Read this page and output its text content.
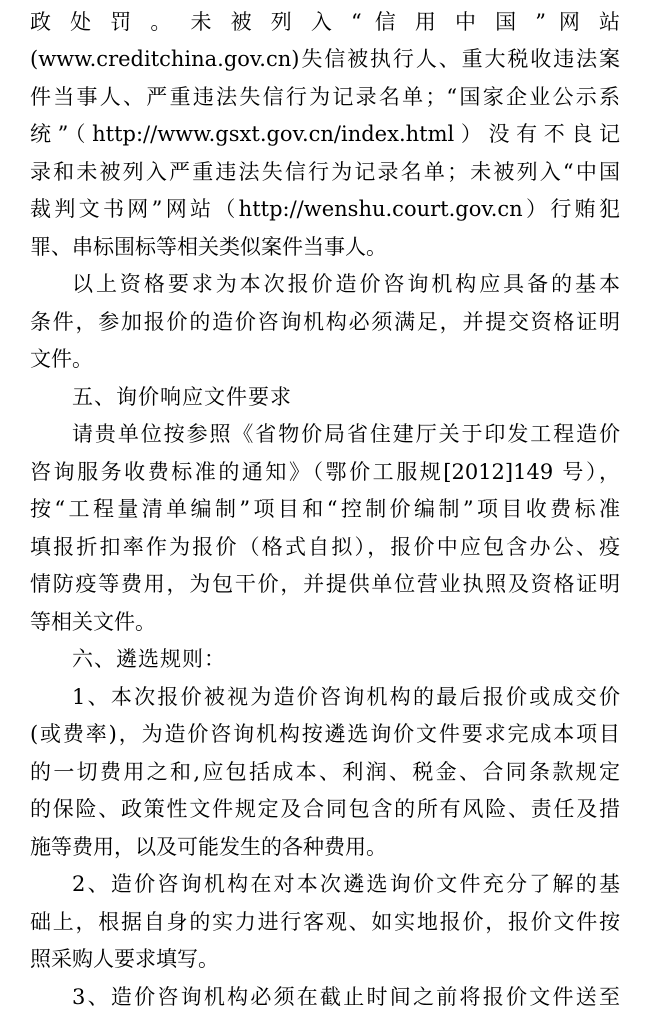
政 处 罚 。 未 被 列 入 “ 信 用 中 国 ” 网 站
(www.creditchina.gov.cn)失信被执行人、重大税收违法案
件当事人、严重违法失信行为记录名单；“国家企业公示系
统”（http://www.gsxt.gov.cn/index.html）没有不良记
录和未被列入严重违法失信行为记录名单；未被列入“中国
裁判文书网”网站（http://wenshu.court.gov.cn）行贿犯
罪、串标围标等相关类似案件当事人。
以上资格要求为本次报价造价咨询机构应具备的基本
条件，参加报价的造价咨询机构必须满足，并提交资格证明
文件。
五、询价响应文件要求
请贵单位按参照《省物价局省住建厅关于印发工程造价
咨询服务收费标准的通知》（鄂价工服规[2012]149 号），
按“工程量清单编制”项目和“控制价编制”项目收费标准
填报折扣率作为报价（格式自拟），报价中应包含办公、疫
情防疫等费用，为包干价，并提供单位营业执照及资格证明
等相关文件。
六、遴选规则：
1、本次报价被视为造价咨询机构的最后报价或成交价
(或费率)，为造价咨询机构按遴选询价文件要求完成本项目
的一切费用之和,应包括成本、利润、税金、合同条款规定
的保险、政策性文件规定及合同包含的所有风险、责任及措
施等费用，以及可能发生的各种费用。
2、造价咨询机构在对本次遴选询价文件充分了解的基
础上，根据自身的实力进行客观、如实地报价，报价文件按
照采购人要求填写。
3、造价咨询机构必须在截止时间之前将报价文件送至
